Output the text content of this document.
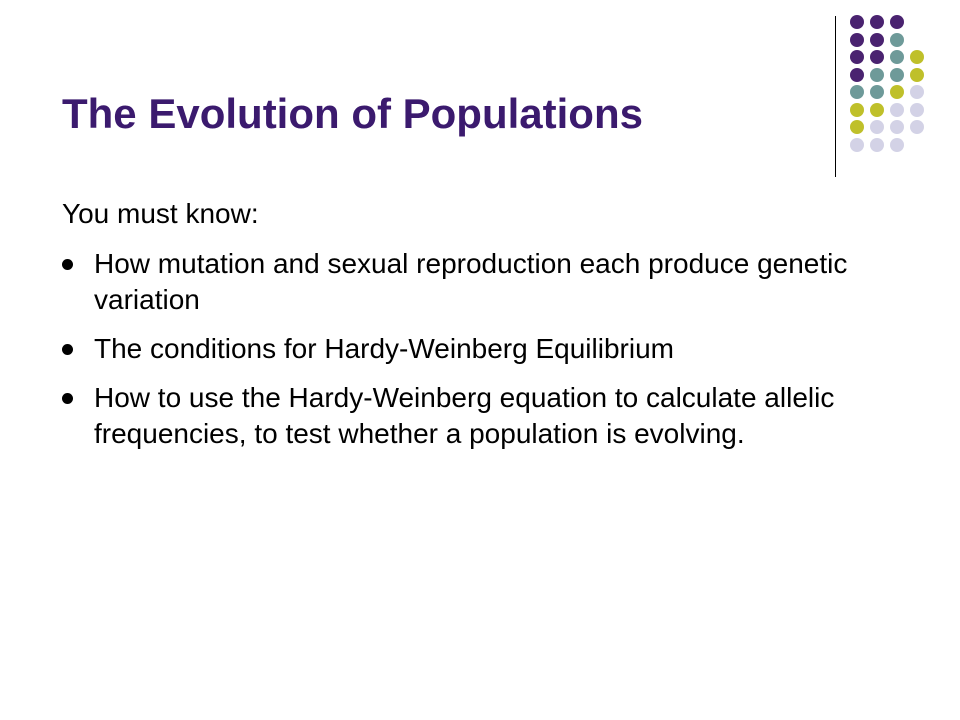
The Evolution of Populations

You must know:

How mutation and sexual reproduction each produce genetic variation
The conditions for Hardy-Weinberg Equilibrium
How to use the Hardy-Weinberg equation to calculate allelic frequencies, to test whether a population is evolving.
